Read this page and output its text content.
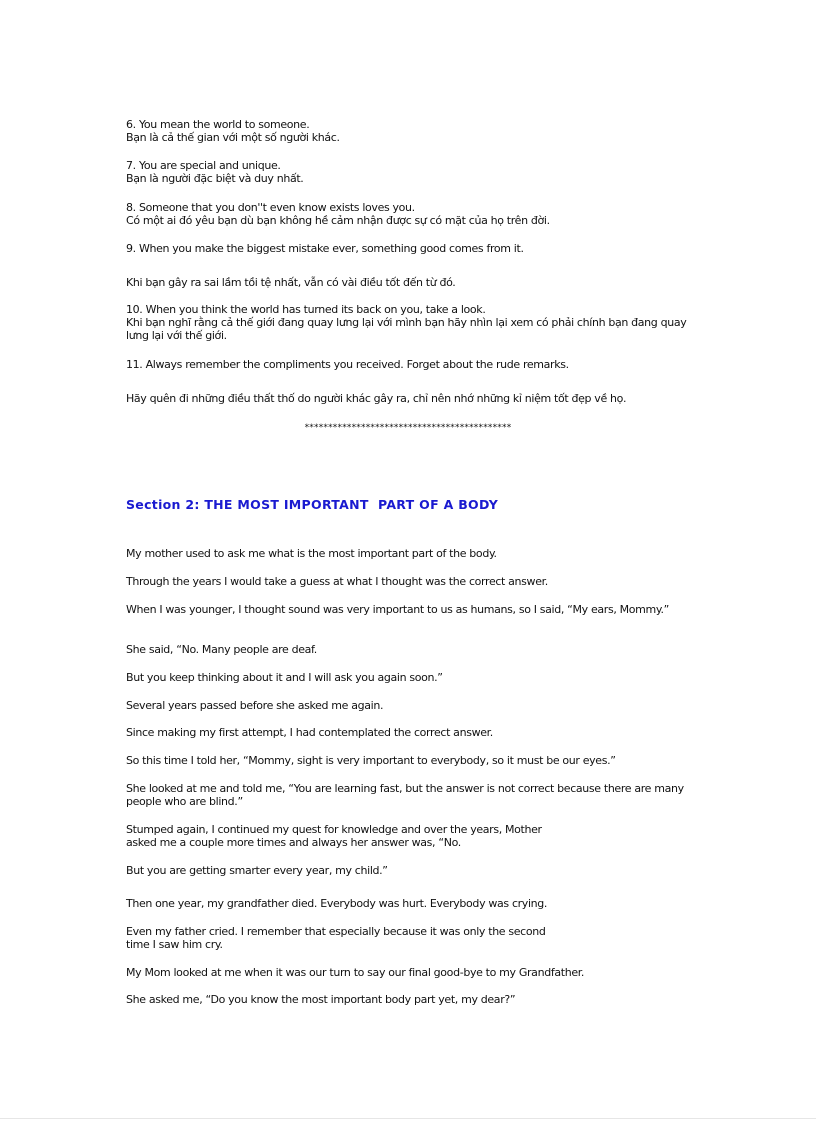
6. You mean the world to someone.
Bạn là cả thế gian với một số người khác.
7. You are special and unique.
Bạn là người đặc biệt và duy nhất.
8. Someone that you don''t even know exists loves you.
Có một ai đó yêu bạn dù bạn không hề cảm nhận được sự có mặt của họ trên đời.
9. When you make the biggest mistake ever, something good comes from it.
Khi bạn gây ra sai lầm tồi tệ nhất, vẫn có vài điều tốt đến từ đó.
10. When you think the world has turned its back on you, take a look.
Khi bạn nghĩ rằng cả thế giới đang quay lưng lại với mình bạn hãy nhìn lại xem có phải chính bạn đang quay lưng lại với thế giới.
11. Always remember the compliments you received. Forget about the rude remarks.
Hãy quên đi những điều thất thố do người khác gây ra, chỉ nên nhớ những kỉ niệm tốt đẹp về họ.
********************************************
Section 2: THE MOST IMPORTANT  PART OF A BODY
My mother used to ask me what is the most important part of the body.
Through the years I would take a guess at what I thought was the correct answer.
When I was younger, I thought sound was very important to us as humans, so I said, “My ears, Mommy.”
She said, “No. Many people are deaf.
But you keep thinking about it and I will ask you again soon.”
Several years passed before she asked me again.
Since making my first attempt, I had contemplated the correct answer.
So this time I told her, “Mommy, sight is very important to everybody, so it must be our eyes.”
She looked at me and told me, “You are learning fast, but the answer is not correct because there are many people who are blind.”
Stumped again, I continued my quest for knowledge and over the years, Mother
asked me a couple more times and always her answer was, “No.
But you are getting smarter every year, my child.”
Then one year, my grandfather died. Everybody was hurt. Everybody was crying.
Even my father cried. I remember that especially because it was only the second
time I saw him cry.
My Mom looked at me when it was our turn to say our final good-bye to my Grandfather.
She asked me, “Do you know the most important body part yet, my dear?”
